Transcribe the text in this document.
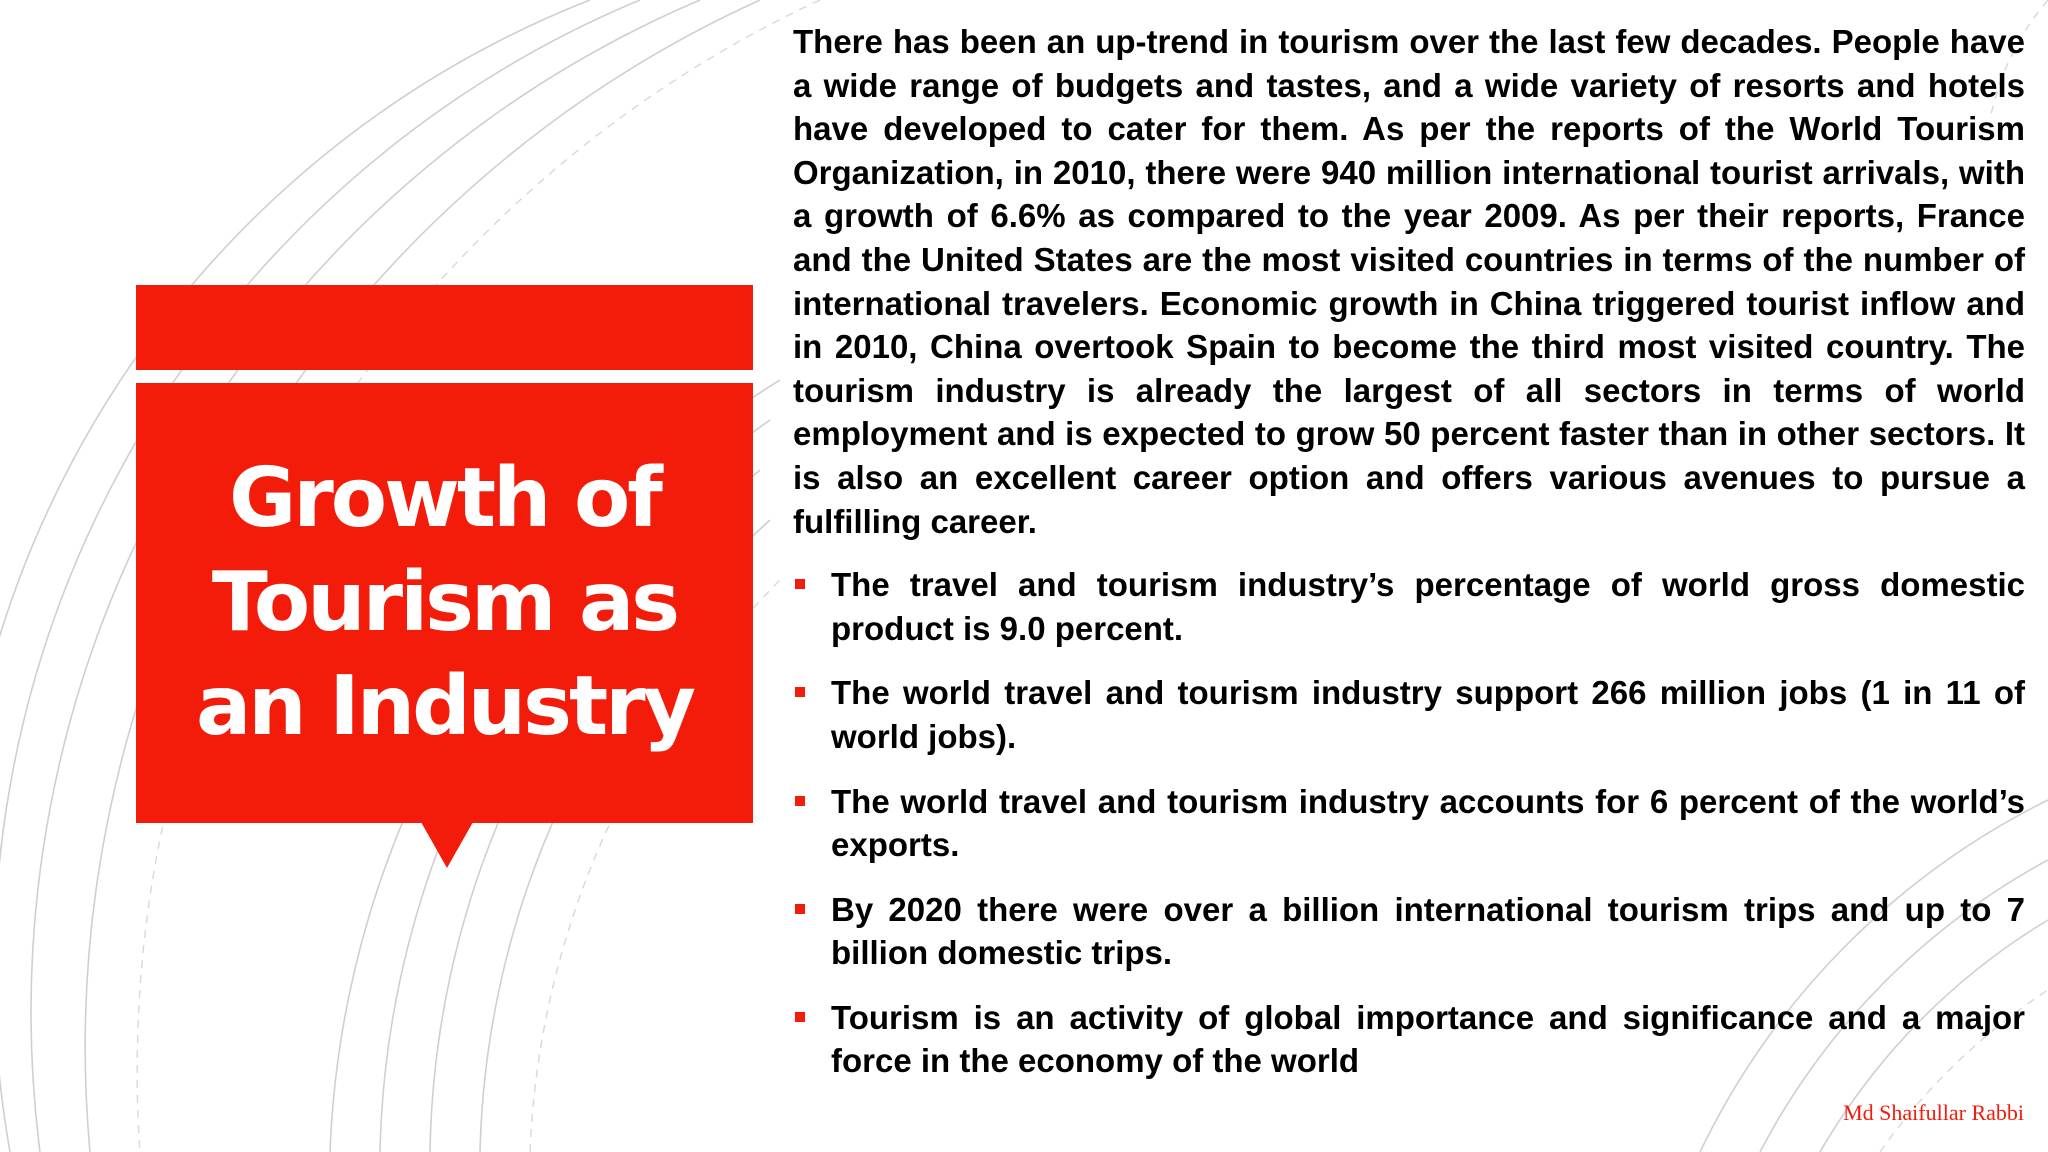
Growth of
Tourism as
an Industry

There has been an up-trend in tourism over the last few decades. People have a wide range of budgets and tastes, and a wide variety of resorts and hotels have developed to cater for them. As per the reports of the World Tourism Organization, in 2010, there were 940 million international tourist arrivals, with a growth of 6.6% as compared to the year 2009. As per their reports, France and the United States are the most visited countries in terms of the number of international travelers. Economic growth in China triggered tourist inflow and in 2010, China overtook Spain to become the third most visited country. The tourism industry is already the largest of all sectors in terms of world employment and is expected to grow 50 percent faster than in other sectors. It is also an excellent career option and offers various avenues to pursue a fulfilling career.

The travel and tourism industry’s percentage of world gross domestic product is 9.0 percent.
The world travel and tourism industry support 266 million jobs (1 in 11 of world jobs).
The world travel and tourism industry accounts for 6 percent of the world’s exports.
By 2020 there were over a billion international tourism trips and up to 7 billion domestic trips.
Tourism is an activity of global importance and significance and a major force in the economy of the world
Md Shaifullar Rabbi
